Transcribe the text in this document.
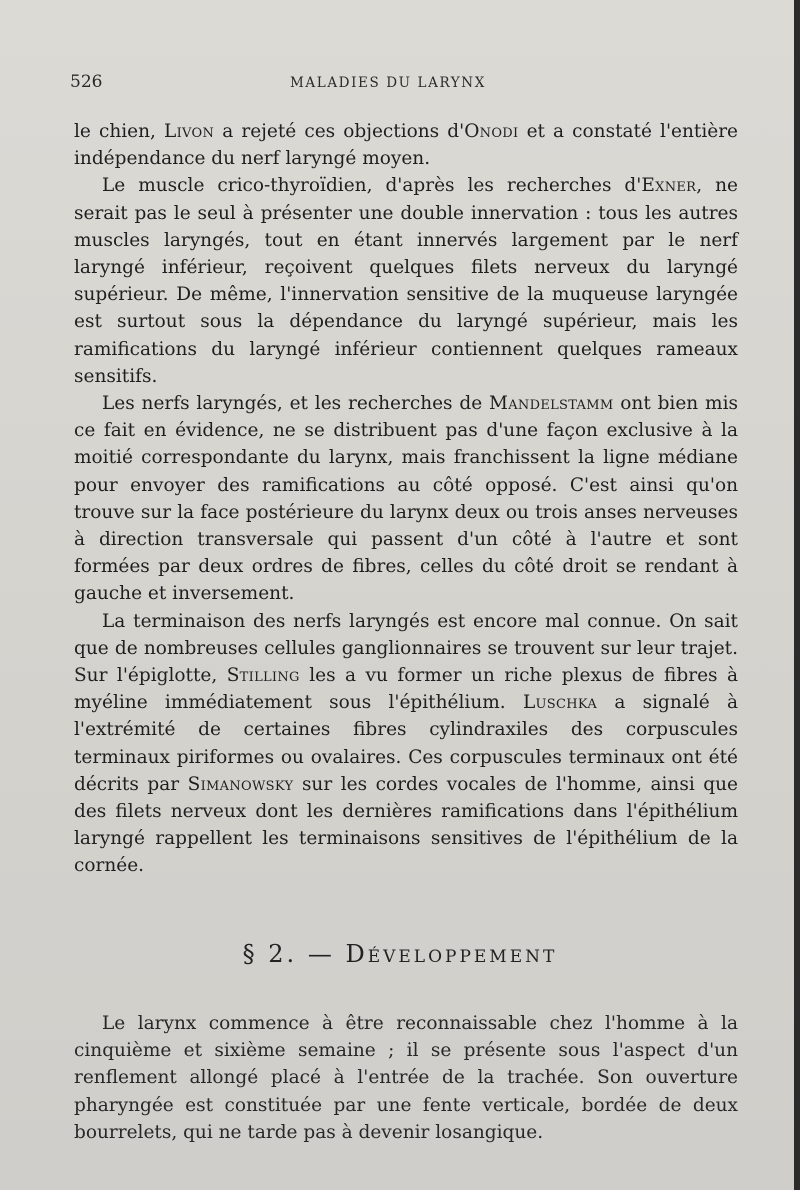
526	MALADIES DU LARYNX

le chien, Livon a rejeté ces objections d'Onodi et a constaté l'entière indépendance du nerf laryngé moyen.

Le muscle crico-thyroïdien, d'après les recherches d'Exner, ne serait pas le seul à présenter une double innervation : tous les autres muscles laryngés, tout en étant innervés largement par le nerf laryngé inférieur, reçoivent quelques filets nerveux du laryngé supérieur. De même, l'innervation sensitive de la muqueuse laryngée est surtout sous la dépendance du laryngé supérieur, mais les ramifications du laryngé inférieur contiennent quelques rameaux sensitifs.

Les nerfs laryngés, et les recherches de Mandelstamm ont bien mis ce fait en évidence, ne se distribuent pas d'une façon exclusive à la moitié correspondante du larynx, mais franchissent la ligne médiane pour envoyer des ramifications au côté opposé. C'est ainsi qu'on trouve sur la face postérieure du larynx deux ou trois anses nerveuses à direction transversale qui passent d'un côté à l'autre et sont formées par deux ordres de fibres, celles du côté droit se rendant à gauche et inversement.

La terminaison des nerfs laryngés est encore mal connue. On sait que de nombreuses cellules ganglionnaires se trouvent sur leur trajet. Sur l'épiglotte, Stilling les a vu former un riche plexus de fibres à myéline immédiatement sous l'épithélium. Luschka a signalé à l'extrémité de certaines fibres cylindraxiles des corpuscules terminaux piriformes ou ovalaires. Ces corpuscules terminaux ont été décrits par Simanowsky sur les cordes vocales de l'homme, ainsi que des filets nerveux dont les dernières ramifications dans l'épithélium laryngé rappellent les terminaisons sensitives de l'épithélium de la cornée.

§ 2. — Développement

Le larynx commence à être reconnaissable chez l'homme à la cinquième et sixième semaine ; il se présente sous l'aspect d'un renflement allongé placé à l'entrée de la trachée. Son ouverture pharyngée est constituée par une fente verticale, bordée de deux bourrelets, qui ne tarde pas à devenir losangique.
